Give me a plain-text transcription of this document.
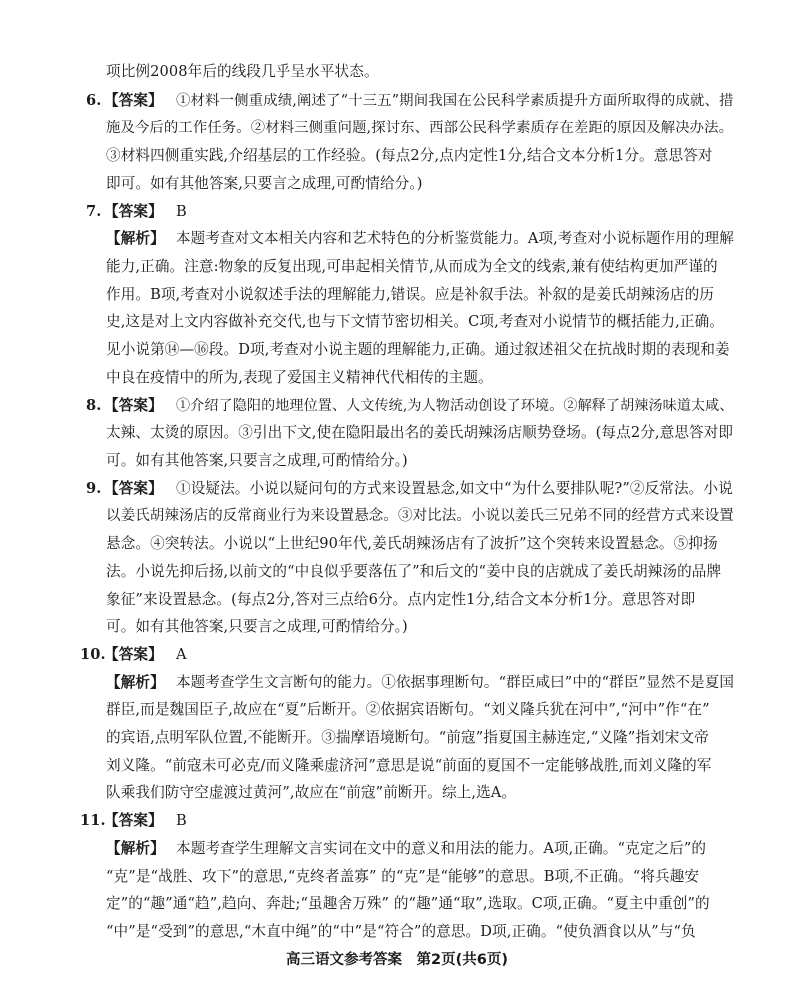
项比例2008年后的线段几乎呈水平状态。
6. 【答案】 ①材料一侧重成绩,阐述了“十三五”期间我国在公民科学素质提升方面所取得的成就、措
施及今后的工作任务。②材料三侧重问题,探讨东、西部公民科学素质存在差距的原因及解决办法。
③材料四侧重实践,介绍基层的工作经验。(每点2分,点内定性1分,结合文本分析1分。意思答对
即可。如有其他答案,只要言之成理,可酌情给分。)
7. 【答案】 B
【解析】 本题考查对文本相关内容和艺术特色的分析鉴赏能力。A项,考查对小说标题作用的理解
能力,正确。注意:物象的反复出现,可串起相关情节,从而成为全文的线索,兼有使结构更加严谨的
作用。B项,考查对小说叙述手法的理解能力,错误。应是补叙手法。补叙的是姜氏胡辣汤店的历
史,这是对上文内容做补充交代,也与下文情节密切相关。C项,考查对小说情节的概括能力,正确。
见小说第⑭—⑯段。D项,考查对小说主题的理解能力,正确。通过叙述祖父在抗战时期的表现和姜
中良在疫情中的所为,表现了爱国主义精神代代相传的主题。
8. 【答案】 ①介绍了隐阳的地理位置、人文传统,为人物活动创设了环境。②解释了胡辣汤味道太咸、
太辣、太烫的原因。③引出下文,使在隐阳最出名的姜氏胡辣汤店顺势登场。(每点2分,意思答对即
可。如有其他答案,只要言之成理,可酌情给分。)
9. 【答案】 ①设疑法。小说以疑问句的方式来设置悬念,如文中“为什么要排队呢?”②反常法。小说
以姜氏胡辣汤店的反常商业行为来设置悬念。③对比法。小说以姜氏三兄弟不同的经营方式来设置
悬念。④突转法。小说以“上世纪90年代,姜氏胡辣汤店有了波折”这个突转来设置悬念。⑤抑扬
法。小说先抑后扬,以前文的“中良似乎要落伍了”和后文的“姜中良的店就成了姜氏胡辣汤的品牌
象征”来设置悬念。(每点2分,答对三点给6分。点内定性1分,结合文本分析1分。意思答对即
可。如有其他答案,只要言之成理,可酌情给分。)
10.
【答案】 A
【解析】 本题考查学生文言断句的能力。①依据事理断句。“群臣咸曰”中的“群臣”显然不是夏国
群臣,而是魏国臣子,故应在“夏”后断开。②依据宾语断句。“刘义隆兵犹在河中”,“河中”作“在”
的宾语,点明军队位置,不能断开。③揣摩语境断句。“前寇”指夏国主赫连定,“义隆”指刘宋文帝
刘义隆。“前寇未可必克/而义隆乘虚济河”意思是说“前面的夏国不一定能够战胜,而刘义隆的军
队乘我们防守空虚渡过黄河”,故应在“前寇”前断开。综上,选A。
11.
【答案】 B
【解析】 本题考查学生理解文言实词在文中的意义和用法的能力。A项,正确。“克定之后”的
“克”是“战胜、攻下”的意思,“克终者盖寡” 的“克”是“能够”的意思。B项,不正确。“将兵趣安
定”的“趣”通“趋”,趋向、奔赴;“虽趣舍万殊” 的“趣”通“取”,选取。C项,正确。“夏主中重创”的
“中”是“受到”的意思,“木直中绳”的“中”是“符合”的意思。D项,正确。“使负酒食以从”与“负
高三语文参考答案　第2页(共6页)
